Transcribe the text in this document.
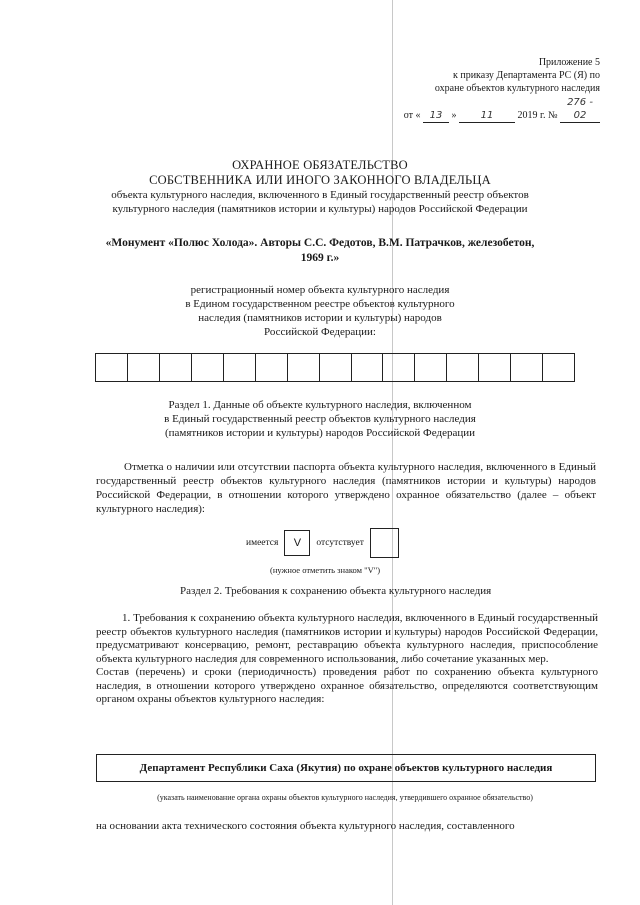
Приложение 5
к приказу Департамента РС (Я) по
охране объектов культурного наследия
от « 13 » 11 2019 г. № 276 - 02
ОХРАННОЕ ОБЯЗАТЕЛЬСТВО
СОБСТВЕННИКА ИЛИ ИНОГО ЗАКОННОГО ВЛАДЕЛЬЦА
объекта культурного наследия, включенного в Единый государственный реестр объектов
культурного наследия (памятников истории и культуры) народов Российской Федерации
«Монумент «Полюс Холода». Авторы С.С. Федотов, В.М. Патрачков, железобетон,
1969 г.»
регистрационный номер объекта культурного наследия
в Едином государственном реестре объектов культурного
наследия (памятников истории и культуры) народов
Российской Федерации:
Раздел 1. Данные об объекте культурного наследия, включенном
в Единый государственный реестр объектов культурного наследия
(памятников истории и культуры) народов Российской Федерации
Отметка о наличии или отсутствии паспорта объекта культурного наследия, включенного в Единый государственный реестр объектов культурного наследия (памятников истории и культуры) народов Российской Федерации, в отношении которого утверждено охранное обязательство (далее – объект культурного наследия):
имеется	V	отсутствует
(нужное отметить знаком "V")
Раздел 2. Требования к сохранению объекта культурного наследия

1. Требования к сохранению объекта культурного наследия, включенного в Единый государственный реестр объектов культурного наследия (памятников истории и культуры) народов Российской Федерации, предусматривают консервацию, ремонт, реставрацию объекта культурного наследия, приспособление объекта культурного наследия для современного использования, либо сочетание указанных мер.

Состав (перечень) и сроки (периодичность) проведения работ по сохранению объекта культурного наследия, в отношении которого утверждено охранное обязательство, определяются соответствующим органом охраны объектов культурного наследия:

Департамент Республики Саха (Якутия) по охране объектов культурного наследия
(указать наименование органа охраны объектов культурного наследия, утвердившего охранное обязательство)
на основании акта технического состояния объекта культурного наследия, составленного
